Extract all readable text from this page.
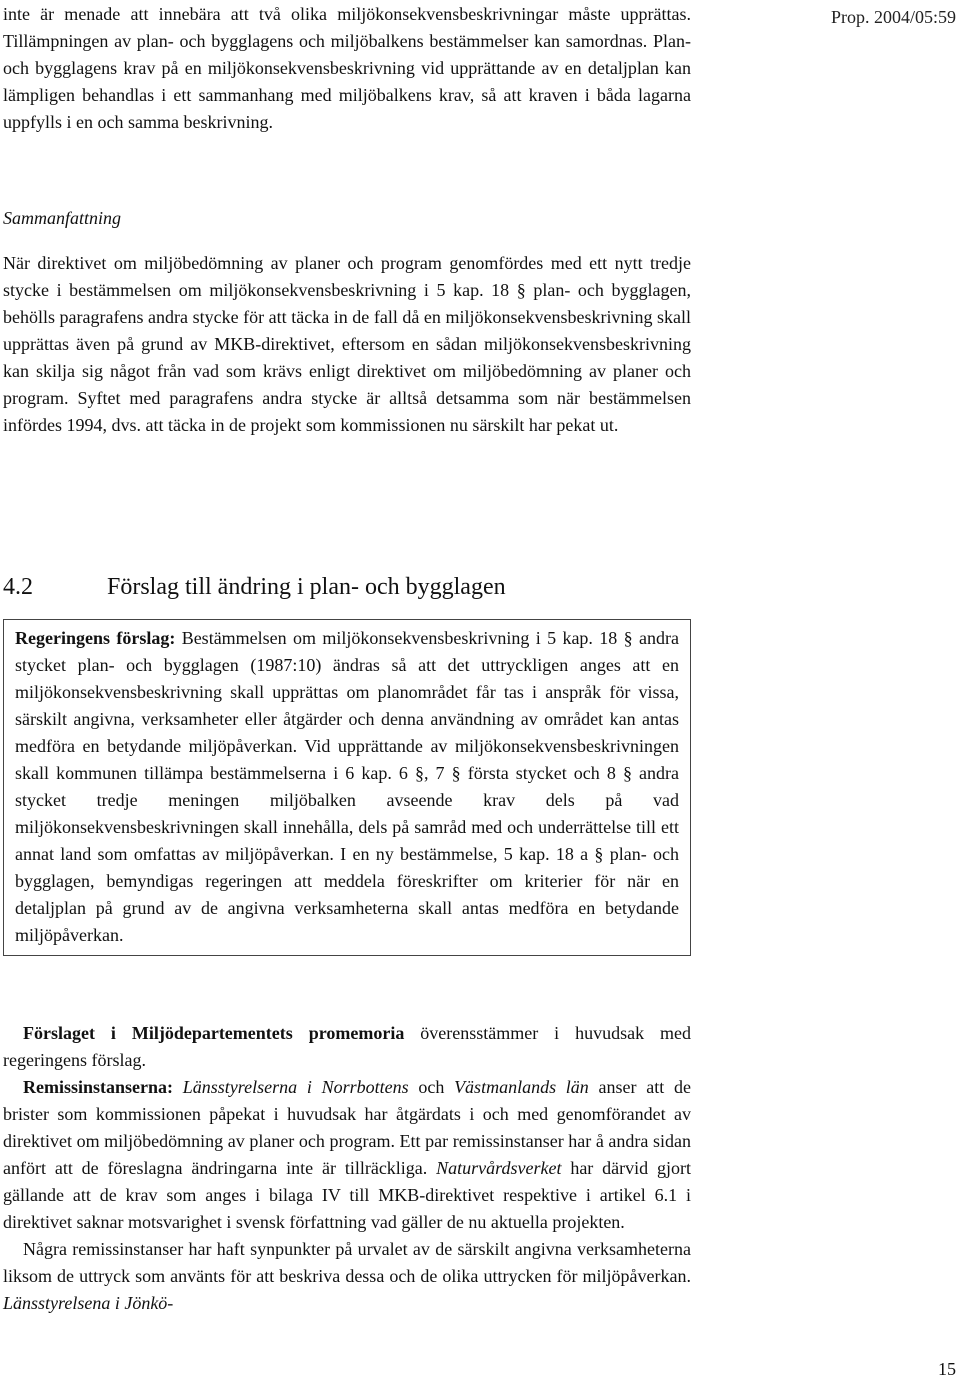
Prop. 2004/05:59

inte är menade att innebära att två olika miljökonsekvensbeskrivningar måste upprättas. Tillämpningen av plan- och bygglagens och miljöbalkens bestämmelser kan samordnas. Plan- och bygglagens krav på en miljökonsekvensbeskrivning vid upprättande av en detaljplan kan lämpligen behandlas i ett sammanhang med miljöbalkens krav, så att kraven i båda lagarna uppfylls i en och samma beskrivning.

Sammanfattning

När direktivet om miljöbedömning av planer och program genomfördes med ett nytt tredje stycke i bestämmelsen om miljökonsekvensbeskrivning i 5 kap. 18 § plan- och bygglagen, behölls paragrafens andra stycke för att täcka in de fall då en miljökonsekvensbeskrivning skall upprättas även på grund av MKB-direktivet, eftersom en sådan miljökonsekvensbeskrivning kan skilja sig något från vad som krävs enligt direktivet om miljöbedömning av planer och program. Syftet med paragrafens andra stycke är alltså detsamma som när bestämmelsen infördes 1994, dvs. att täcka in de projekt som kommissionen nu särskilt har pekat ut.

4.2	Förslag till ändring i plan- och bygglagen
Regeringens förslag: Bestämmelsen om miljökonsekvensbeskrivning i 5 kap. 18 § andra stycket plan- och bygglagen (1987:10) ändras så att det uttryckligen anges att en miljökonsekvensbeskrivning skall upprättas om planområdet får tas i anspråk för vissa, särskilt angivna, verksamheter eller åtgärder och denna användning av området kan antas medföra en betydande miljöpåverkan. Vid upprättande av miljökonsekvensbeskrivningen skall kommunen tillämpa bestämmelserna i 6 kap. 6 §, 7 § första stycket och 8 § andra stycket tredje meningen miljöbalken avseende krav dels på vad miljökonsekvensbeskrivningen skall innehålla, dels på samråd med och underrättelse till ett annat land som omfattas av miljöpåverkan. I en ny bestämmelse, 5 kap. 18 a § plan- och bygglagen, bemyndigas regeringen att meddela föreskrifter om kriterier för när en detaljplan på grund av de angivna verksamheterna skall antas medföra en betydande miljöpåverkan.

Förslaget i Miljödepartementets promemoria överensstämmer i huvudsak med regeringens förslag.

Remissinstanserna: Länsstyrelserna i Norrbottens och Västmanlands län anser att de brister som kommissionen påpekat i huvudsak har åtgärdats i och med genomförandet av direktivet om miljöbedömning av planer och program. Ett par remissinstanser har å andra sidan anfört att de föreslagna ändringarna inte är tillräckliga. Naturvårdsverket har därvid gjort gällande att de krav som anges i bilaga IV till MKB-direktivet respektive i artikel 6.1 i direktivet saknar motsvarighet i svensk författning vad gäller de nu aktuella projekten.

Några remissinstanser har haft synpunkter på urvalet av de särskilt angivna verksamheterna liksom de uttryck som använts för att beskriva dessa och de olika uttrycken för miljöpåverkan. Länsstyrelsena i Jönkö-

15
